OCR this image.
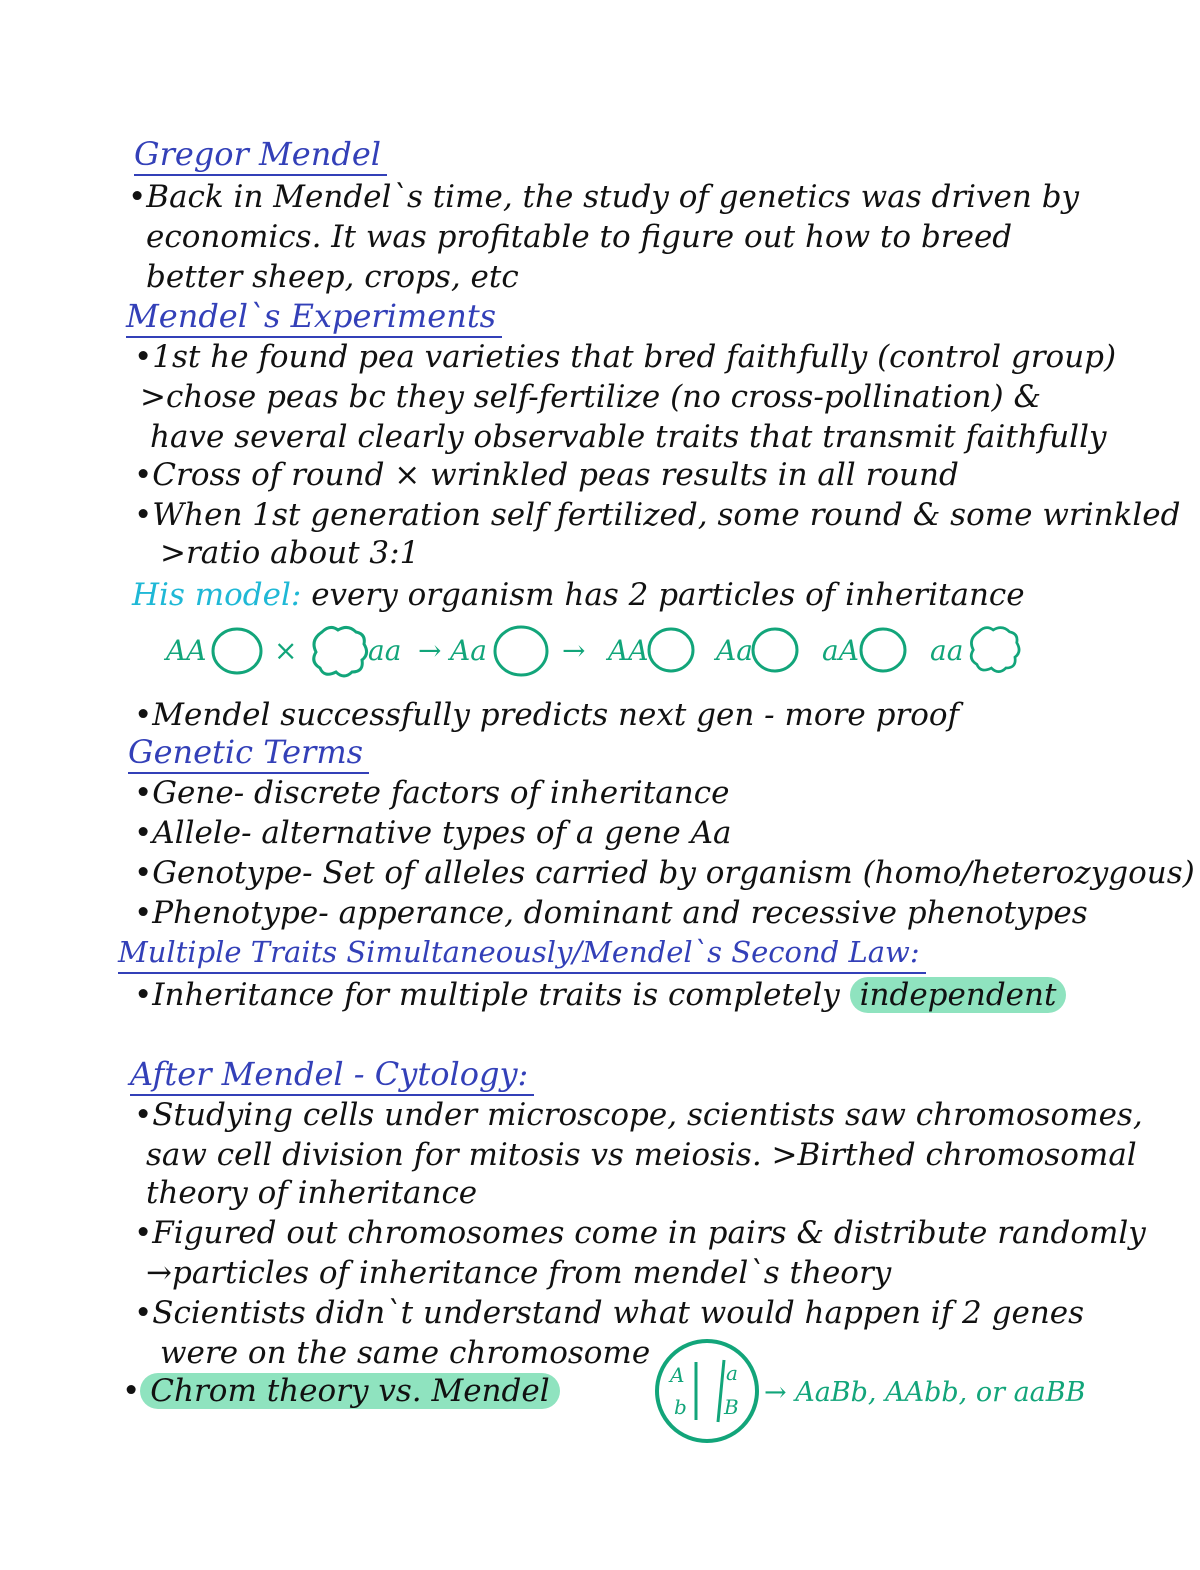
Gregor Mendel
•Back in Mendel`s time, the study of genetics was driven by
economics. It was profitable to figure out how to breed
better sheep, crops, etc
Mendel`s Experiments
•1st he found pea varieties that bred faithfully (control group)
>chose peas bc they self-fertilize (no cross-pollination) &
have several clearly observable traits that transmit faithfully
•Cross of round × wrinkled peas results in all round
•When 1st generation self fertilized, some round & some wrinkled
>ratio about 3:1
His model: every organism has 2 particles of inheritance
AA ×	aa → Aa	→ AA Aa aA	aa
•Mendel successfully predicts next gen - more proof
Genetic Terms
•Gene- discrete factors of inheritance
•Allele- alternative types of a gene Aa
•Genotype- Set of alleles carried by organism (homo/heterozygous)
•Phenotype- apperance, dominant and recessive phenotypes
Multiple Traits Simultaneously/Mendel`s Second Law:
•Inheritance for multiple traits is completely independent
After Mendel - Cytology:
•Studying cells under microscope, scientists saw chromosomes,
saw cell division for mitosis vs meiosis. >Birthed chromosomal
theory of inheritance
•Figured out chromosomes come in pairs & distribute randomly
→particles of inheritance from mendel`s theory
•Scientists didn`t understand what would happen if 2 genes
were on the same chromosome
• Chrom theory vs. Mendel	A a
b B → AaBb, AAbb, or aaBB
